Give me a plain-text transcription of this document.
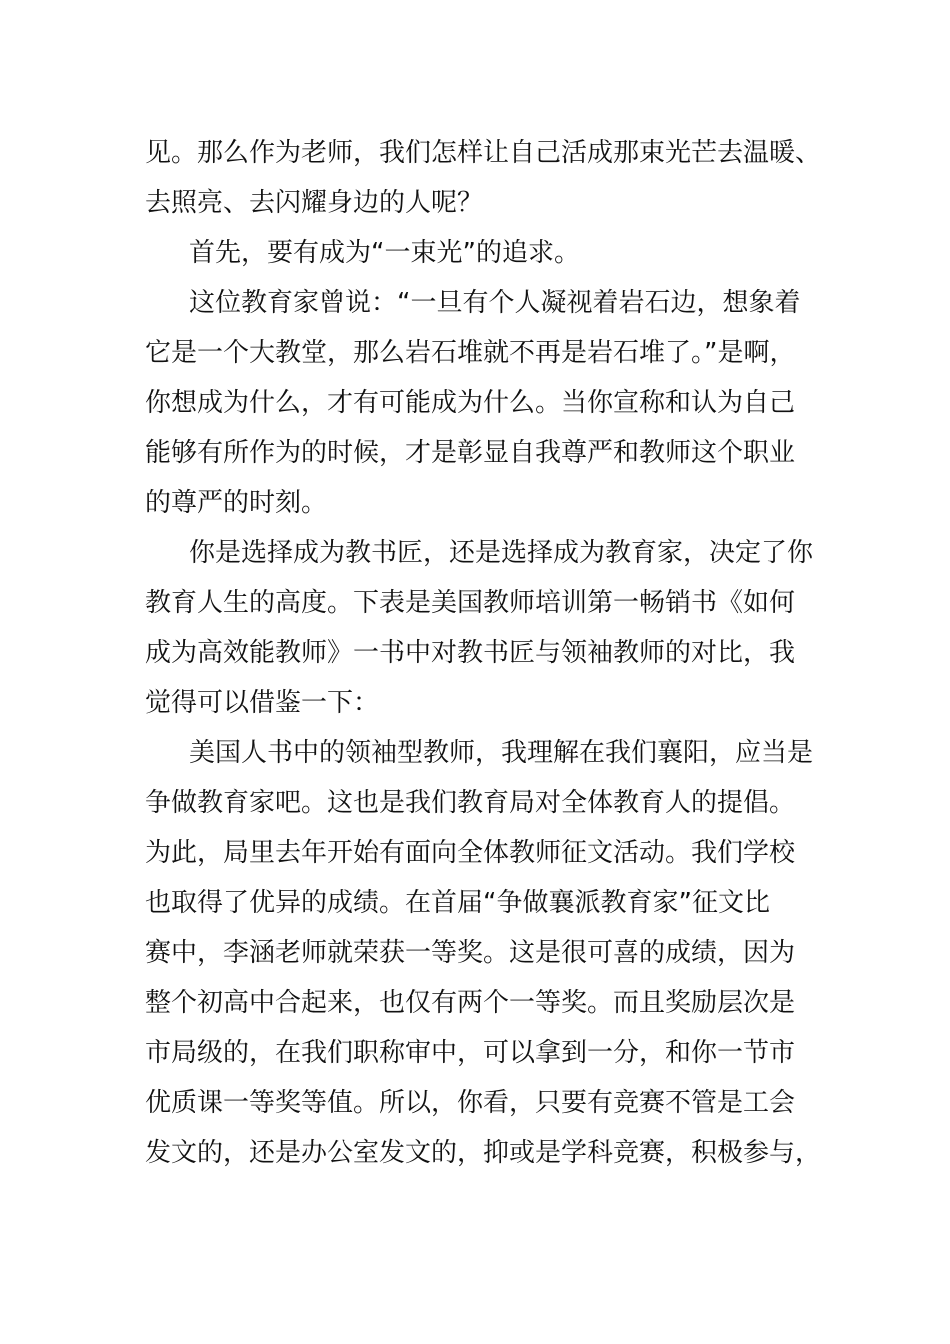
见。那么作为老师，我们怎样让自己活成那束光芒去温暖、
去照亮、去闪耀身边的人呢？
首先，要有成为“一束光”的追求。
这位教育家曾说：“一旦有个人凝视着岩石边，想象着
它是一个大教堂，那么岩石堆就不再是岩石堆了。”是啊，
你想成为什么，才有可能成为什么。当你宣称和认为自己
能够有所作为的时候，才是彰显自我尊严和教师这个职业
的尊严的时刻。
你是选择成为教书匠，还是选择成为教育家，决定了你
教育人生的高度。下表是美国教师培训第一畅销书《如何
成为高效能教师》一书中对教书匠与领袖教师的对比，我
觉得可以借鉴一下：
美国人书中的领袖型教师，我理解在我们襄阳，应当是
争做教育家吧。这也是我们教育局对全体教育人的提倡。
为此，局里去年开始有面向全体教师征文活动。我们学校
也取得了优异的成绩。在首届“争做襄派教育家”征文比
赛中，李涵老师就荣获一等奖。这是很可喜的成绩，因为
整个初高中合起来，也仅有两个一等奖。而且奖励层次是
市局级的，在我们职称审中，可以拿到一分，和你一节市
优质课一等奖等值。所以，你看，只要有竞赛不管是工会
发文的，还是办公室发文的，抑或是学科竞赛，积极参与，
